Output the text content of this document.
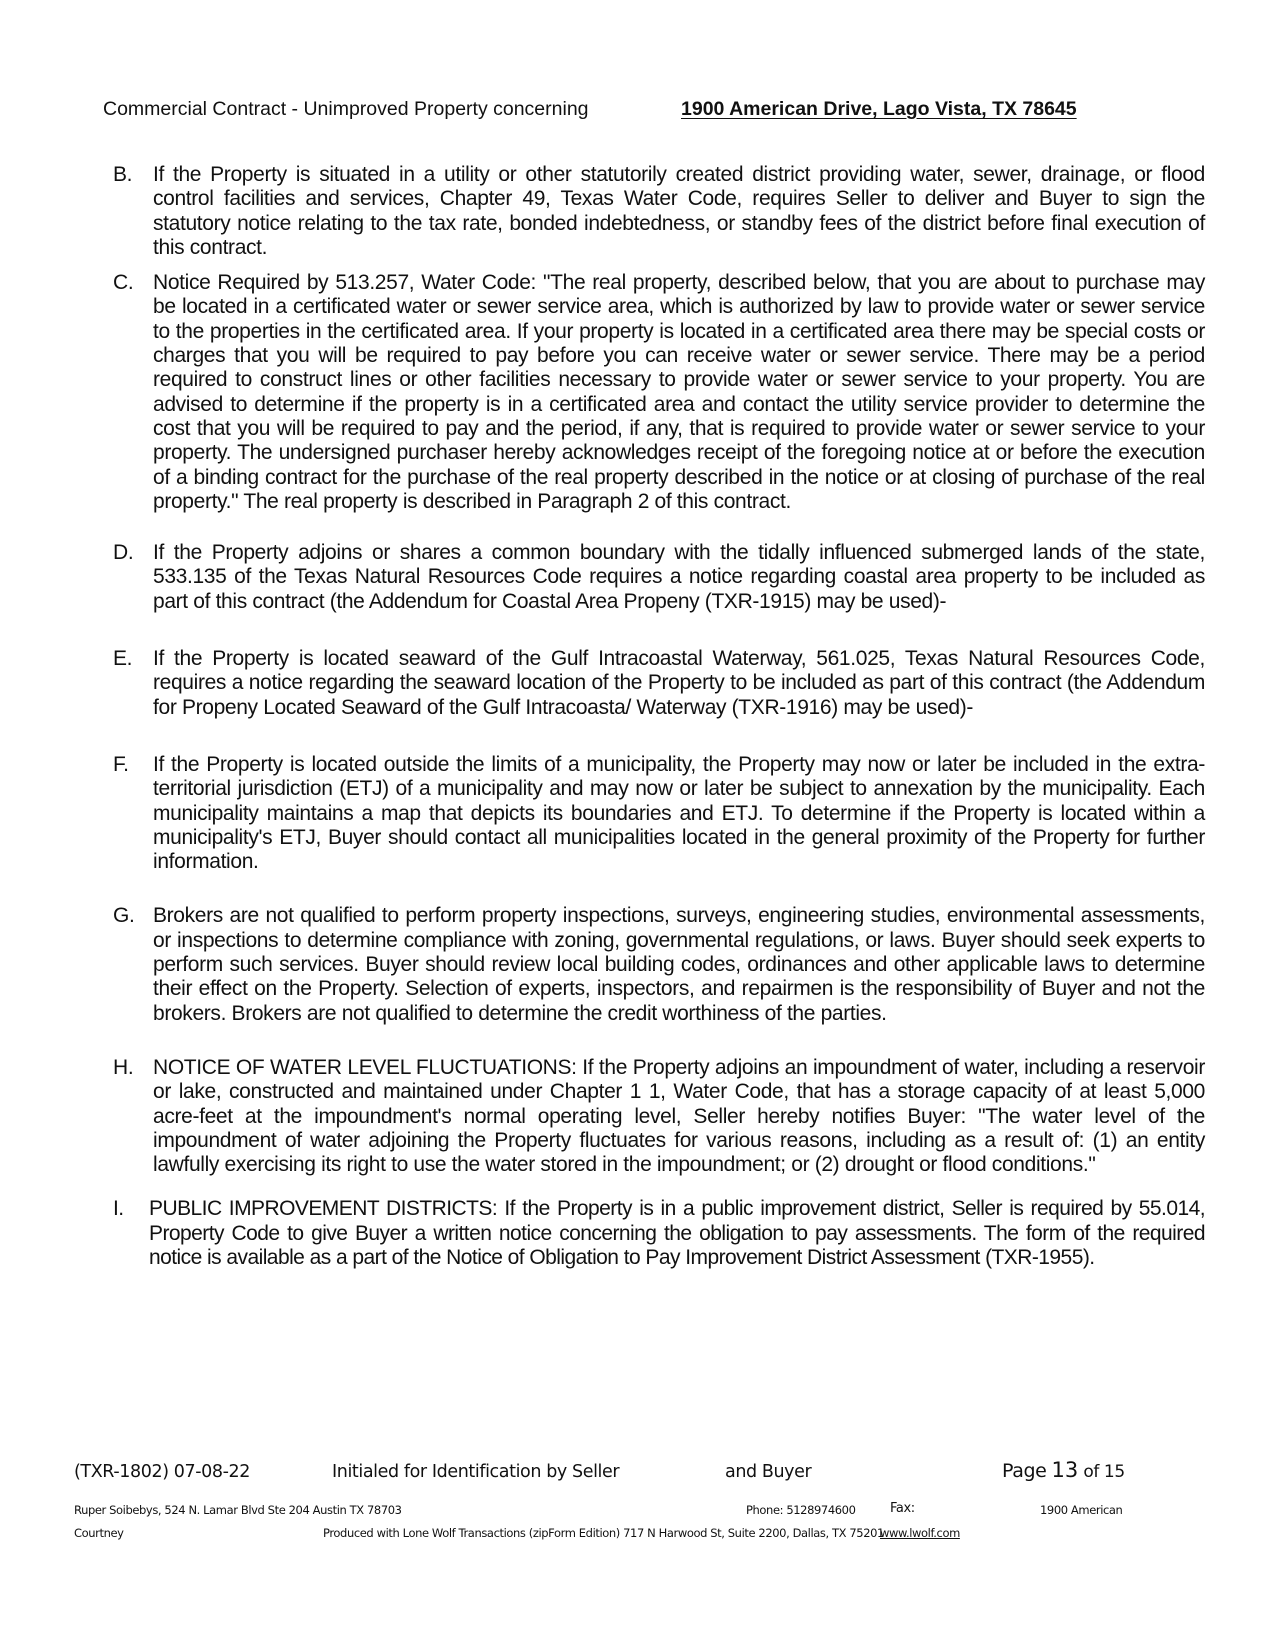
Commercial Contract - Unimproved Property concerning	1900 American Drive, Lago Vista, TX 78645
B. If the Property is situated in a utility or other statutorily created district providing water, sewer, drainage, or flood control facilities and services, Chapter 49, Texas Water Code, requires Seller to deliver and Buyer to sign the statutory notice relating to the tax rate, bonded indebtedness, or standby fees of the district before final execution of this contract.

C. Notice Required by 513.257, Water Code: "The real property, described below, that you are about to purchase may be located in a certificated water or sewer service area, which is authorized by law to provide water or sewer service to the properties in the certificated area. If your property is located in a certificated area there may be special costs or charges that you will be required to pay before you can receive water or sewer service. There may be a period required to construct lines or other facilities necessary to provide water or sewer service to your property. You are advised to determine if the property is in a certificated area and contact the utility service provider to determine the cost that you will be required to pay and the period, if any, that is required to provide water or sewer service to your property. The undersigned purchaser hereby acknowledges receipt of the foregoing notice at or before the execution of a binding contract for the purchase of the real property described in the notice or at closing of purchase of the real property." The real property is described in Paragraph 2 of this contract.

D. If the Property adjoins or shares a common boundary with the tidally influenced submerged lands of the state, 533.135 of the Texas Natural Resources Code requires a notice regarding coastal area property to be included as part of this contract (the Addendum for Coastal Area Propeny (TXR-1915) may be used)-

E. If the Property is located seaward of the Gulf Intracoastal Waterway, 561.025, Texas Natural Resources Code, requires a notice regarding the seaward location of the Property to be included as part of this contract (the Addendum for Propeny Located Seaward of the Gulf Intracoasta/ Waterway (TXR-1916) may be used)-

F. If the Property is located outside the limits of a municipality, the Property may now or later be included in the extra-territorial jurisdiction (ETJ) of a municipality and may now or later be subject to annexation by the municipality. Each municipality maintains a map that depicts its boundaries and ETJ. To determine if the Property is located within a municipality's ETJ, Buyer should contact all municipalities located in the general proximity of the Property for further information.

G. Brokers are not qualified to perform property inspections, surveys, engineering studies, environmental assessments, or inspections to determine compliance with zoning, governmental regulations, or laws. Buyer should seek experts to perform such services. Buyer should review local building codes, ordinances and other applicable laws to determine their effect on the Property. Selection of experts, inspectors, and repairmen is the responsibility of Buyer and not the brokers. Brokers are not qualified to determine the credit worthiness of the parties.

H. NOTICE OF WATER LEVEL FLUCTUATIONS: If the Property adjoins an impoundment of water, including a reservoir or lake, constructed and maintained under Chapter 1 1, Water Code, that has a storage capacity of at least 5,000 acre-feet at the impoundment's normal operating level, Seller hereby notifies Buyer: "The water level of the impoundment of water adjoining the Property fluctuates for various reasons, including as a result of: (1) an entity lawfully exercising its right to use the water stored in the impoundment; or (2) drought or flood conditions."

I. PUBLIC IMPROVEMENT DISTRICTS: If the Property is in a public improvement district, Seller is required by 55.014, Property Code to give Buyer a written notice concerning the obligation to pay assessments. The form of the required notice is available as a part of the Notice of Obligation to Pay Improvement District Assessment (TXR-1955).

(TXR-1802) 07-08-22	Initialed for Identification by Seller	and Buyer	Page 13 of 15
Ruper Soibebys, 524 N. Lamar Blvd Ste 204 Austin TX 78703	Phone: 5128974600	Fax:	1900 American
Courtney	Produced with Lone Wolf Transactions (zipForm Edition) 717 N Harwood St, Suite 2200, Dallas, TX 75201
www.lwolf.com
